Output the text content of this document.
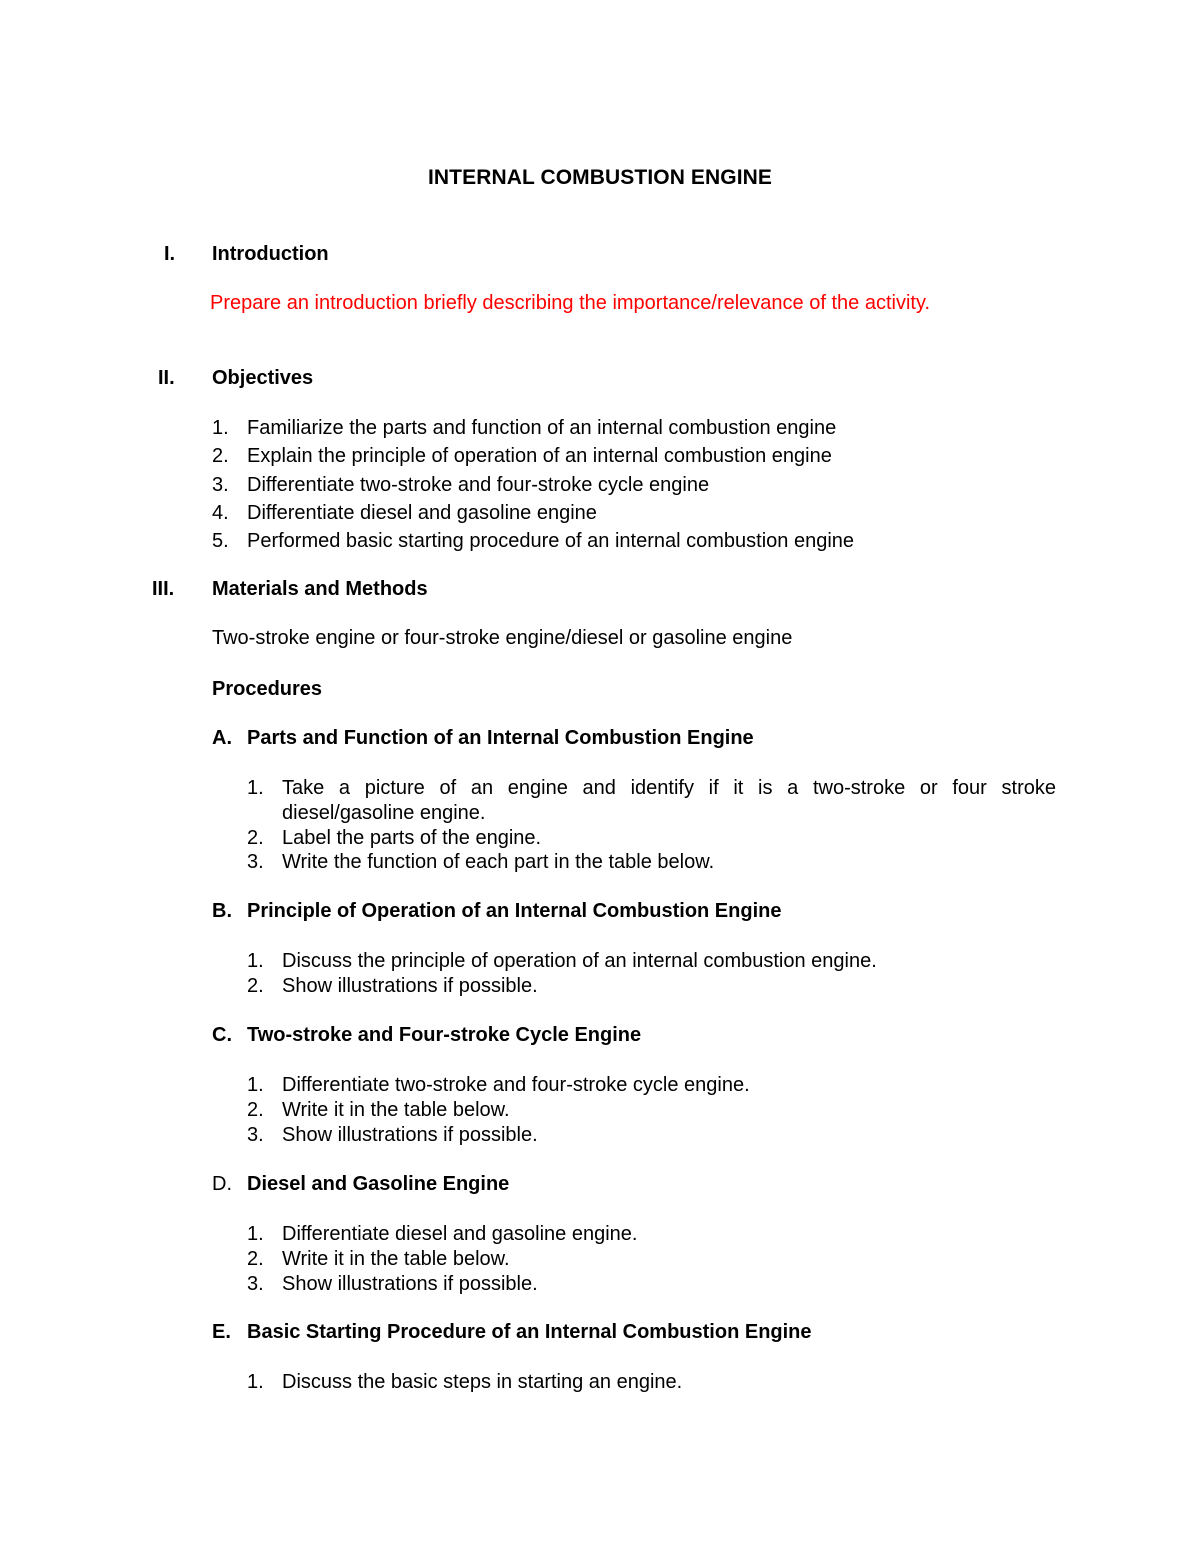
INTERNAL COMBUSTION ENGINE
I. Introduction
Prepare an introduction briefly describing the importance/relevance of the activity.
II. Objectives
1. Familiarize the parts and function of an internal combustion engine
2. Explain the principle of operation of an internal combustion engine
3. Differentiate two-stroke and four-stroke cycle engine
4. Differentiate diesel and gasoline engine
5. Performed basic starting procedure of an internal combustion engine
III. Materials and Methods
Two-stroke engine or four-stroke engine/diesel or gasoline engine
Procedures
A. Parts and Function of an Internal Combustion Engine
1. Take a picture of an engine and identify if it is a two-stroke or four stroke diesel/gasoline engine.
2. Label the parts of the engine.
3. Write the function of each part in the table below.
B. Principle of Operation of an Internal Combustion Engine
1. Discuss the principle of operation of an internal combustion engine.
2. Show illustrations if possible.
C. Two-stroke and Four-stroke Cycle Engine
1. Differentiate two-stroke and four-stroke cycle engine.
2. Write it in the table below.
3. Show illustrations if possible.
D. Diesel and Gasoline Engine
1. Differentiate diesel and gasoline engine.
2. Write it in the table below.
3. Show illustrations if possible.
E. Basic Starting Procedure of an Internal Combustion Engine
1. Discuss the basic steps in starting an engine.
